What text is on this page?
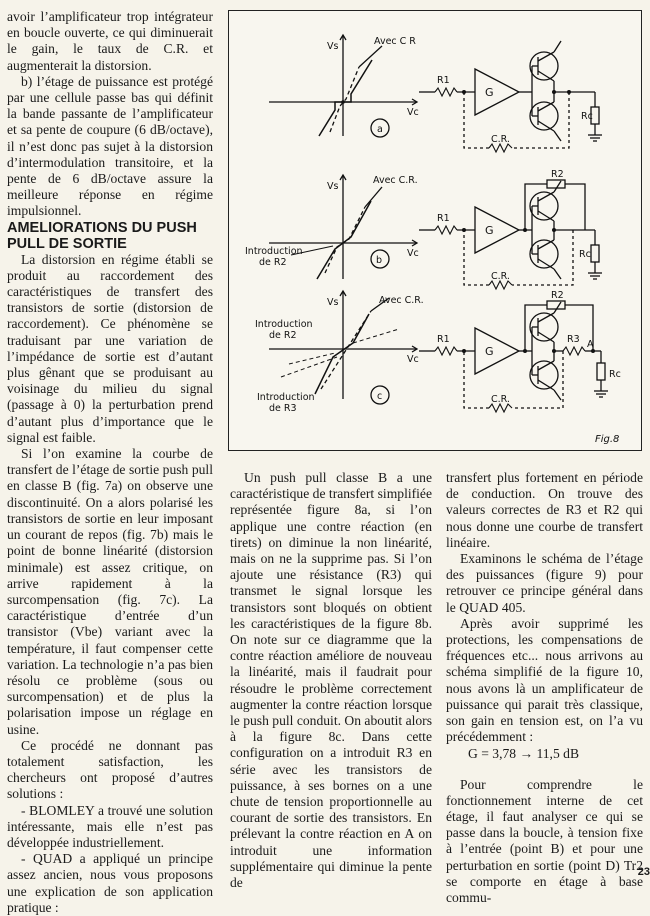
avoir l’amplificateur trop intégrateur en boucle ouverte, ce qui diminuerait le gain, le taux de C.R. et augmenterait la distorsion.

b) l’étage de puissance est protégé par une cellule passe bas qui définit la bande passante de l’amplificateur et sa pente de coupure (6 dB/octave), il n’est donc pas sujet à la distorsion d’intermodulation transitoire, et la pente de 6 dB/octave assure la meilleure réponse en régime impulsionnel.

AMELIORATIONS DU PUSH PULL DE SORTIE

La distorsion en régime établi se produit au raccordement des caractéristiques de transfert des transistors de sortie (distorsion de raccordement). Ce phénomène se traduisant par une variation de l’impédance de sortie est d’autant plus gênant que se produisant au voisinage du milieu du signal (passage à 0) la perturbation prend d’autant plus d’importance que le signal est faible.

Si l’on examine la courbe de transfert de l’étage de sortie push pull en classe B (fig. 7a) on observe une discontinuité. On a alors polarisé les transistors de sortie en leur imposant un courant de repos (fig. 7b) mais le point de bonne linéarité (distorsion minimale) est assez critique, on arrive rapidement à la surcompensation (fig. 7c). La caractéristique d’entrée d’un transistor (Vbe) variant avec la température, il faut compenser cette variation. La technologie n’a pas bien résolu ce problème (sous ou surcompensation) et de plus la polarisation impose un réglage en usine.

Ce procédé ne donnant pas totalement satisfaction, les chercheurs ont proposé d’autres solutions :

- BLOMLEY a trouvé une solution intéressante, mais elle n’est pas développée industriellement.

- QUAD a appliqué un principe assez ancien, nous vous proposons une explication de son application pratique :

Vs
Vc
Avec C R
a
R1
G
C.R.
Rc
Vs
Vc
Avec C.R.
Introduction
de R2	b
R1
G
R2
C.R.
Rc
Vs
Vc
Avec C.R.
Introduction
de R2
Introduction
de R3
c
R1
G
R2
R3 A
C.R.
Rc
Fig.8

Un push pull classe B a une caractéristique de transfert simplifiée représentée figure 8a, si l’on applique une contre réaction (en tirets) on diminue la non linéarité, mais on ne la supprime pas. Si l’on ajoute une résistance (R3) qui transmet le signal lorsque les transistors sont bloqués on obtient les caractéristiques de la figure 8b. On note sur ce diagramme que la contre réaction améliore de nouveau la linéarité, mais il faudrait pour résoudre le problème correctement augmenter la contre réaction lorsque le push pull conduit. On aboutit alors à la figure 8c. Dans cette configuration on a introduit R3 en série avec les transistors de puissance, à ses bornes on a une chute de tension proportionnelle au courant de sortie des transistors. En prélevant la contre réaction en A on introduit une information supplémentaire qui diminue la pente de

transfert plus fortement en période de conduction. On trouve des valeurs correctes de R3 et R2 qui nous donne une courbe de transfert linéaire.

Examinons le schéma de l’étage des puissances (figure 9) pour retrouver ce principe général dans le QUAD 405.

Après avoir supprimé les protections, les compensations de fréquences etc... nous arrivons au schéma simplifié de la figure 10, nous avons là un amplificateur de puissance qui parait très classique, son gain en tension est, on l’a vu précédemment :

G = 3,78 → 11,5 dB

Pour comprendre le fonctionnement interne de cet étage, il faut analyser ce qui se passe dans la boucle, à tension fixe à l’entrée (point B) et pour une perturbation en sortie (point D) Tr2 se comporte en étage à base commu-

23
